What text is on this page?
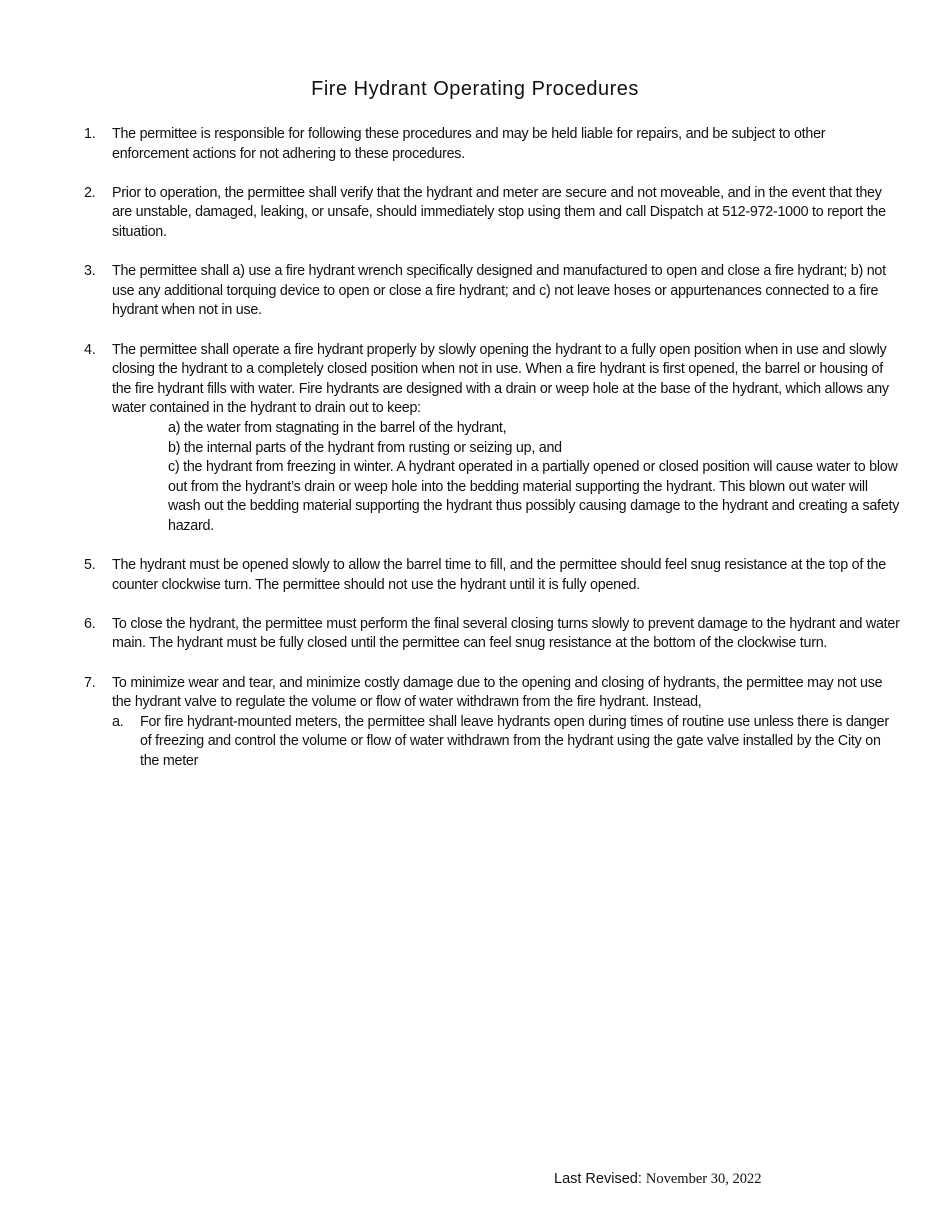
Fire Hydrant Operating Procedures
1. The permittee is responsible for following these procedures and may be held liable for repairs, and be subject to other enforcement actions for not adhering to these procedures.
2. Prior to operation, the permittee shall verify that the hydrant and meter are secure and not moveable, and in the event that they are unstable, damaged, leaking, or unsafe, should immediately stop using them and call Dispatch at 512-972-1000 to report the situation.
3. The permittee shall a) use a fire hydrant wrench specifically designed and manufactured to open and close a fire hydrant; b) not use any additional torquing device to open or close a fire hydrant; and c) not leave hoses or appurtenances connected to a fire hydrant when not in use.
4. The permittee shall operate a fire hydrant properly by slowly opening the hydrant to a fully open position when in use and slowly closing the hydrant to a completely closed position when not in use. When a fire hydrant is first opened, the barrel or housing of the fire hydrant fills with water. Fire hydrants are designed with a drain or weep hole at the base of the hydrant, which allows any water contained in the hydrant to drain out to keep:
a) the water from stagnating in the barrel of the hydrant,
b) the internal parts of the hydrant from rusting or seizing up, and
c) the hydrant from freezing in winter. A hydrant operated in a partially opened or closed position will cause water to blow out from the hydrant’s drain or weep hole into the bedding material supporting the hydrant. This blown out water will wash out the bedding material supporting the hydrant thus possibly causing damage to the hydrant and creating a safety hazard.
5. The hydrant must be opened slowly to allow the barrel time to fill, and the permittee should feel snug resistance at the top of the counter clockwise turn. The permittee should not use the hydrant until it is fully opened.
6. To close the hydrant, the permittee must perform the final several closing turns slowly to prevent damage to the hydrant and water main. The hydrant must be fully closed until the permittee can feel snug resistance at the bottom of the clockwise turn.
7. To minimize wear and tear, and minimize costly damage due to the opening and closing of hydrants, the permittee may not use the hydrant valve to regulate the volume or flow of water withdrawn from the fire hydrant. Instead,
a. For fire hydrant-mounted meters, the permittee shall leave hydrants open during times of routine use unless there is danger of freezing and control the volume or flow of water withdrawn from the hydrant using the gate valve installed by the City on the meter
Last Revised: November 30, 2022
